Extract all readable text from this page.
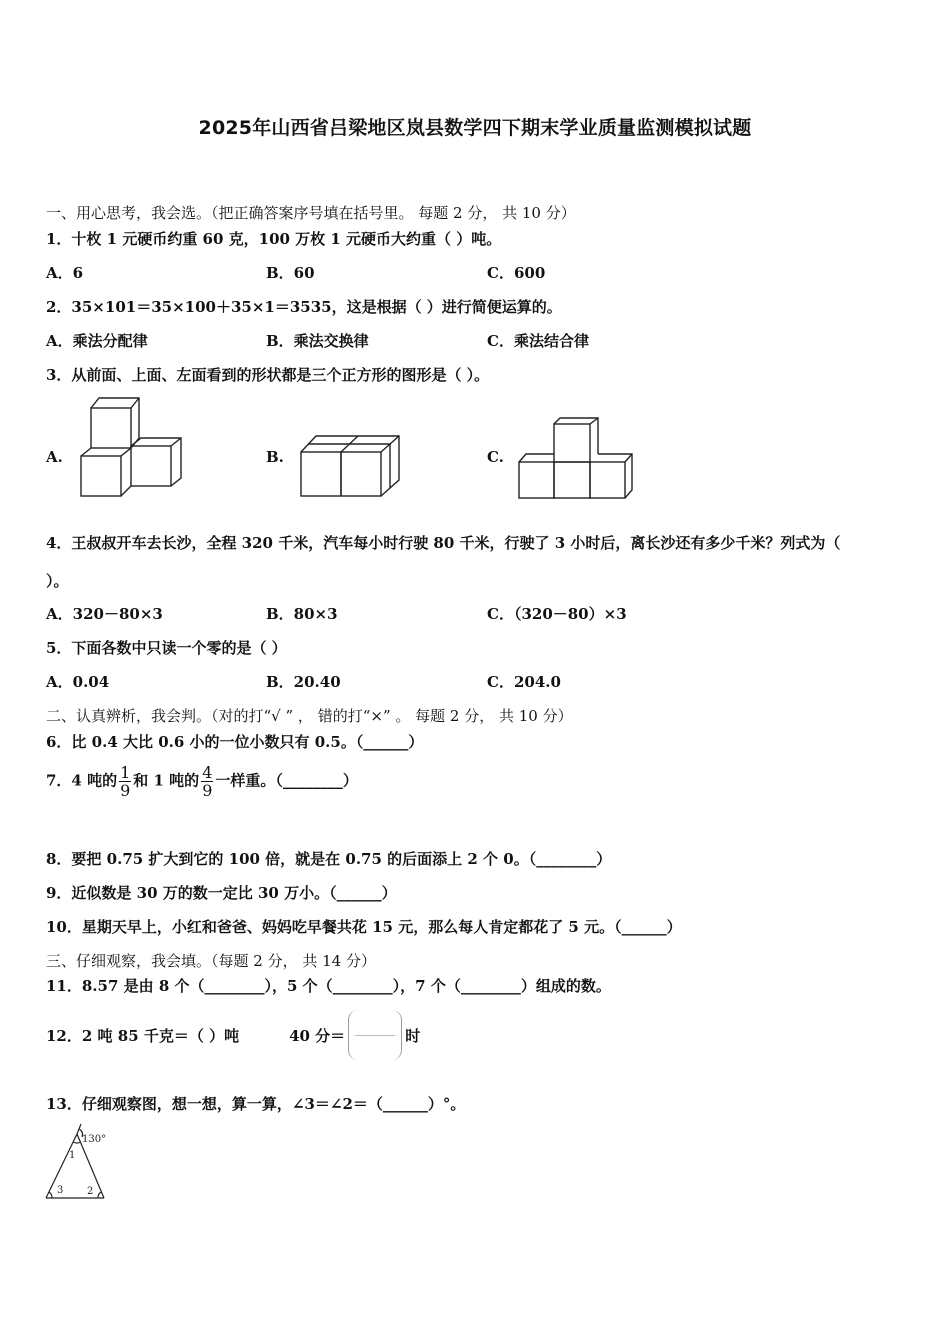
2025年山西省吕梁地区岚县数学四下期末学业质量监测模拟试题
一、用心思考，我会选。（把正确答案序号填在括号里。 每题 2 分， 共 10 分）
1．十枚 1 元硬币约重 60 克，100 万枚 1 元硬币大约重（ ）吨。
A．6	B．60	C．600
2．35×101＝35×100＋35×1＝3535，这是根据（ ）进行简便运算的。
A．乘法分配律	B．乘法交换律	C．乘法结合律
3．从前面、上面、左面看到的形状都是三个正方形的图形是（ ）。
A.	B.	C.
4．王叔叔开车去长沙，全程 320 千米，汽车每小时行驶 80 千米，行驶了 3 小时后，离长沙还有多少千米？列式为（
）。
A．320－80×3	B．80×3	C．（320－80）×3
5．下面各数中只读一个零的是（ ）
A．0.04	B．20.40	C．204.0
二、认真辨析，我会判。（对的打“√ ” ， 错的打“×” 。 每题 2 分， 共 10 分）
6．比 0.4 大比 0.6 小的一位小数只有 0.5。（______）
7．4 吨的 $\frac{1}{9}$ 和 1 吨的 $\frac{4}{9}$ 一样重。（________）
8．要把 0.75 扩大到它的 100 倍，就是在 0.75 的后面添上 2 个 0。（________）
9．近似数是 30 万的数一定比 30 万小。（______）
10．星期天早上，小红和爸爸、妈妈吃早餐共花 15 元，那么每人肯定都花了 5 元。（______）
三、仔细观察，我会填。（每题 2 分， 共 14 分）
11．8.57 是由 8 个（________），5 个（________），7 个（________）组成的数。
12．2 吨 85 千克＝（ ）吨	40 分＝	时
13．仔细观察图，想一想，算一算，∠3＝∠2＝（______）°。
130°
1
3 2
